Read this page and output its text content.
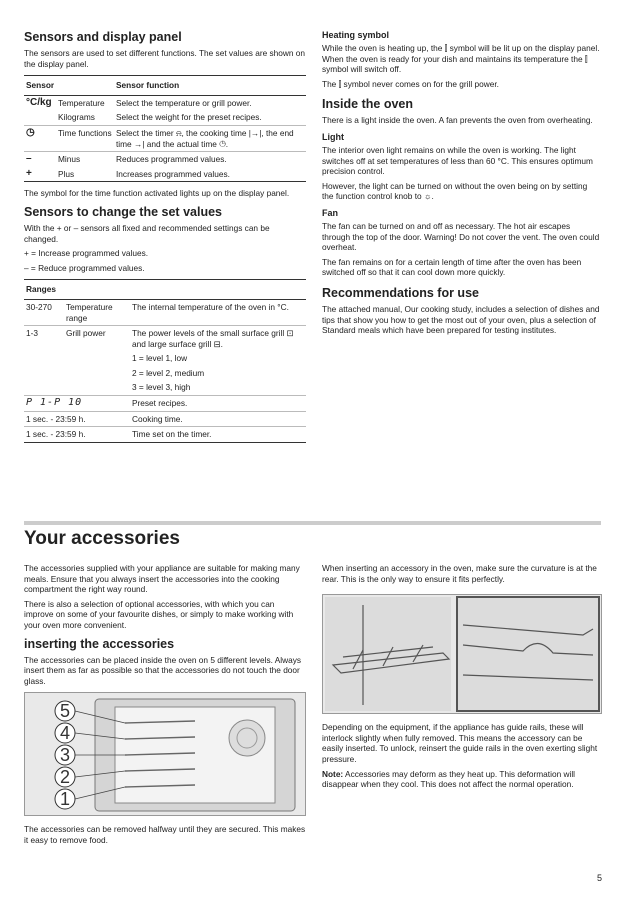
Sensors and display panel

The sensors are used to set different functions. The set values are shown on the display panel.

Sensor		Sensor function
°C/kg	Temperature	Select the temperature or grill power.
	Kilograms	Select the weight for the preset recipes.
◷	Time functions	Select the timer ⍾, the cooking time |→|, the end time →| and the actual time ◷.
–	Minus	Reduces programmed values.
+	Plus	Increases programmed values.

The symbol for the time function activated lights up on the display panel.

Sensors to change the set values

With the + or – sensors all fixed and recommended settings can be changed.

+ = Increase programmed values.

– = Reduce programmed values.

Ranges		
30-270	Temperature range	The internal temperature of the oven in °C.
1-3	Grill power	The power levels of the small surface grill ⊡ and large surface grill ⊟.
		1 = level 1, low
		2 = level 2, medium
		3 = level 3, high
P 1-P 10		Preset recipes.
1 sec. - 23:59 h.		Cooking time.
1 sec. - 23:59 h.		Time set on the timer.
Heating symbol

While the oven is heating up, the ⫿ symbol will be lit up on the display panel. When the oven is ready for your dish and maintains its temperature the ⫿ symbol will switch off.

The ⫿ symbol never comes on for the grill power.

Inside the oven

There is a light inside the oven. A fan prevents the oven from overheating.

Light

The interior oven light remains on while the oven is working. The light switches off at set temperatures of less than 60 °C. This ensures optimum precision control.

However, the light can be turned on without the oven being on by setting the function control knob to ☼.

Fan

The fan can be turned on and off as necessary. The hot air escapes through the top of the door. Warning! Do not cover the vent. The oven could overheat.

The fan remains on for a certain length of time after the oven has been switched off so that it can cool down more quickly.

Recommendations for use

The attached manual, Our cooking study, includes a selection of dishes and tips that show you how to get the most out of your oven, plus a selection of Standard meals which have been prepared for testing institutes.

Your accessories

The accessories supplied with your appliance are suitable for making many meals. Ensure that you always insert the accessories into the cooking compartment the right way round.

There is also a selection of optional accessories, with which you can improve on some of your favourite dishes, or simply to make working with your oven more convenient.

inserting the accessories

The accessories can be placed inside the oven on 5 different levels. Always insert them as far as possible so that the accessories do not touch the door glass.

5
4
3
2
1

The accessories can be removed halfway until they are secured. This makes it easy to remove food.

When inserting an accessory in the oven, make sure the curvature is at the rear. This is the only way to ensure it fits perfectly.

Depending on the equipment, if the appliance has guide rails, these will interlock slightly when fully removed. This means the accessory can be easily inserted. To unlock, reinsert the guide rails in the oven exerting slight pressure.

Note: Accessories may deform as they heat up. This deformation will disappear when they cool. This does not affect the normal operation.

5
